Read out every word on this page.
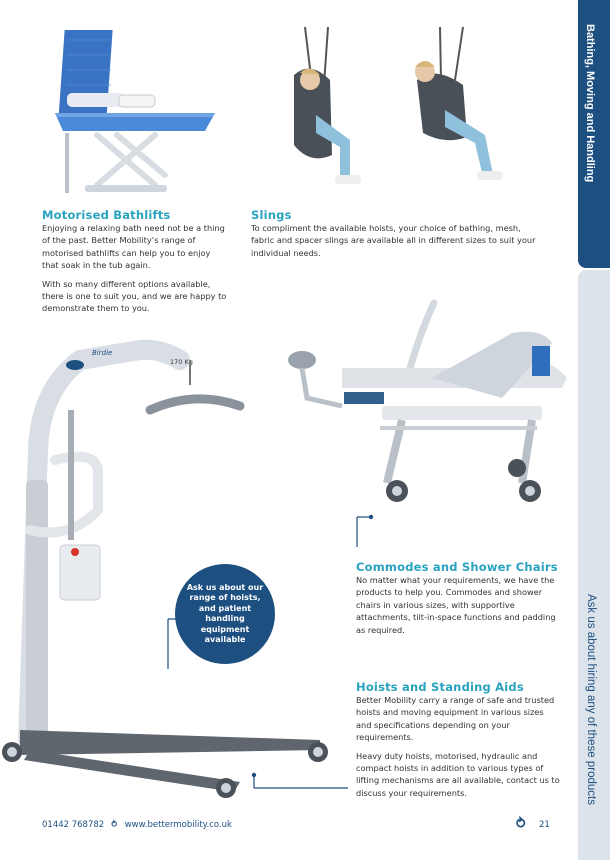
Bathing, Moving and Handling
Ask us about hiring any of these products
Motorised Bathlifts

Enjoying a relaxing bath need not be a thing of the past. Better Mobility’s range of motorised bathlifts can help you to enjoy that soak in the tub again.

With so many different options available, there is one to suit you, and we are happy to demonstrate them to you.

Slings

To compliment the available hoists, your choice of bathing, mesh, fabric and spacer slings are available all in different sizes to suit your individual needs.

Birdie
170 Kg
Ask us about our range of hoists, and patient handling equipment available
Commodes and Shower Chairs

No matter what your requirements, we have the products to help you. Commodes and shower chairs in various sizes, with supportive attachments, tilt-in-space functions and padding as required.

Hoists and Standing Aids

Better Mobility carry a range of safe and trusted hoists and moving equipment in various sizes and specifications depending on your requirements.

Heavy duty hoists, motorised, hydraulic and compact hoists in addition to various types of lifting mechanisms are all available, contact us to discuss your requirements.

01442 768782 ⥁ www.bettermobility.co.uk	⥁ 21
